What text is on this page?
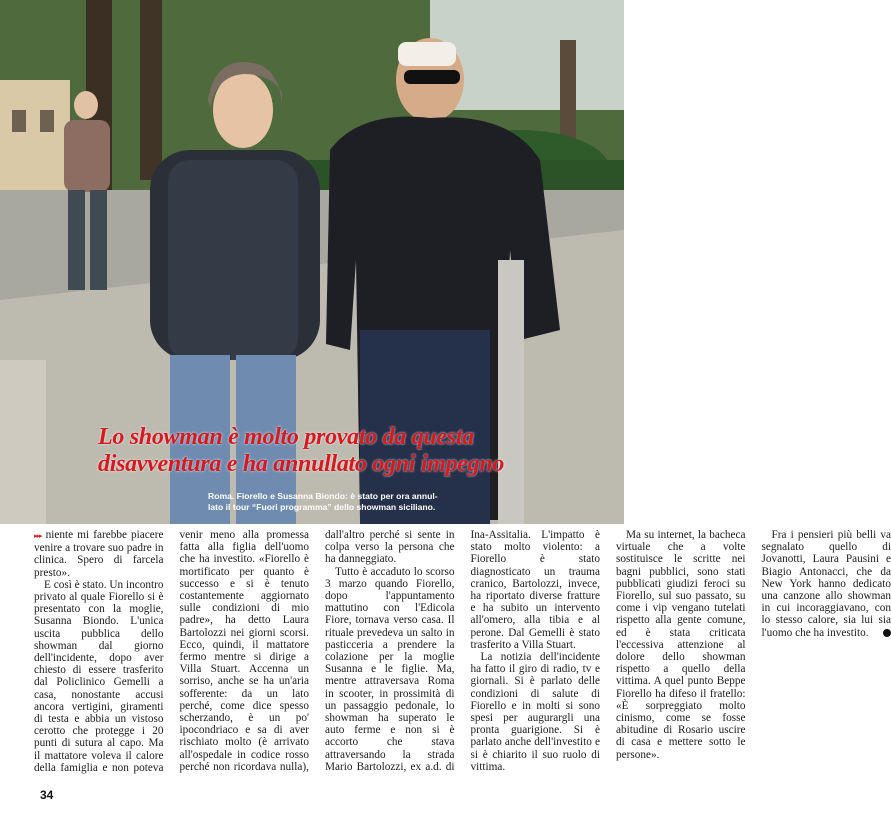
Lo showman è molto provato da questa disavventura e ha annullato ogni impegno

Roma. Fiorello e Susanna Biondo: è stato per ora annul-
lato il tour “Fuori programma” dello showman siciliano.

▸▸▸ niente mi farebbe piacere venire a trovare suo padre in clinica. Spero di farcela presto».

E così è stato. Un incontro privato al quale Fiorello si è presentato con la moglie, Susanna Biondo. L'unica uscita pubblica dello showman dal giorno dell'incidente, dopo aver chiesto di essere trasferito dal Policlinico Gemelli a casa, nonostante accusi ancora vertigini, giramenti di testa e abbia un vistoso cerotto che protegge i 20 punti di sutura al capo. Ma il mattatore voleva il calore della famiglia e non poteva venir meno alla promessa fatta alla figlia dell'uomo che ha investito. «Fiorello è mortificato per quanto è successo e si è tenuto costantemente aggiornato sulle condizioni di mio padre», ha detto Laura Bartolozzi nei giorni scorsi. Ecco, quindi, il mattatore fermo mentre si dirige a Villa Stuart. Accenna un sorriso, anche se ha un'aria sofferente: da un lato perché, come dice spesso scherzando, è un po' ipocondriaco e sa di aver rischiato molto (è arrivato all'ospedale in codice rosso perché non ricordava nulla), dall'altro perché si sente in colpa verso la persona che ha danneggiato.

Tutto è accaduto lo scorso 3 marzo quando Fiorello, dopo l'appuntamento mattutino con l'Edicola Fiore, tornava verso casa. Il rituale prevedeva un salto in pasticceria a prendere la colazione per la moglie Susanna e le figlie. Ma, mentre attraversava Roma in scooter, in prossimità di un passaggio pedonale, lo showman ha superato le auto ferme e non si è accorto che stava attraversando la strada Mario Bartolozzi, ex a.d. di Ina-Assitalia. L'impatto è stato molto violento: a Fiorello è stato diagnosticato un trauma cranico, Bartolozzi, invece, ha riportato diverse fratture e ha subito un intervento all'omero, alla tibia e al perone. Dal Gemelli è stato trasferito a Villa Stuart.

La notizia dell'incidente ha fatto il giro di radio, tv e giornali. Si è parlato delle condizioni di salute di Fiorello e in molti si sono spesi per augurargli una pronta guarigione. Si è parlato anche dell'investito e si è chiarito il suo ruolo di vittima.

Ma su internet, la bacheca virtuale che a volte sostituisce le scritte nei bagni pubblici, sono stati pubblicati giudizi feroci su Fiorello, sul suo passato, su come i vip vengano tutelati rispetto alla gente comune, ed è stata criticata l'eccessiva attenzione al dolore dello showman rispetto a quello della vittima. A quel punto Beppe Fiorello ha difeso il fratello: «È sorpreggiato molto cinismo, come se fosse abitudine di Rosario uscire di casa e mettere sotto le persone».

Fra i pensieri più belli va segnalato quello di Jovanotti, Laura Pausini e Biagio Antonacci, che da New York hanno dedicato una canzone allo showman in cui incoraggiavano, con lo stesso calore, sia lui sia l'uomo che ha investito.

34
